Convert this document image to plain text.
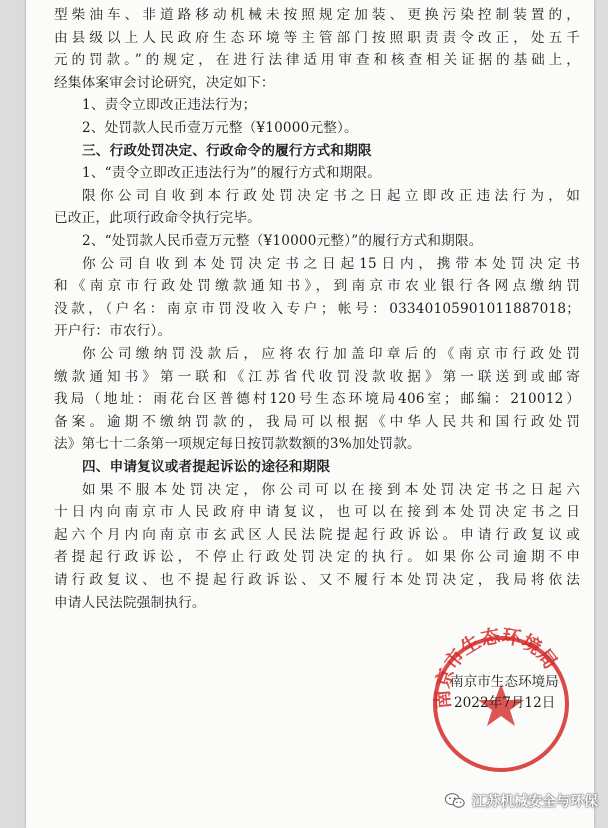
型柴油车、非道路移动机械未按照规定加装、更换污染控制装置的，
由县级以上人民政府生态环境等主管部门按照职责责令改正，处五千
元的罚款。”的规定，在进行法律适用审查和核查相关证据的基础上，
经集体案审会讨论研究，决定如下：
1、责令立即改正违法行为；
2、处罚款人民币壹万元整（¥10000元整）。
三、行政处罚决定、行政命令的履行方式和期限
1、“责令立即改正违法行为”的履行方式和期限。
限你公司自收到本行政处罚决定书之日起立即改正违法行为，如
已改正，此项行政命令执行完毕。
2、“处罚款人民币壹万元整（¥10000元整）”的履行方式和期限。
你公司自收到本处罚决定书之日起15日内，携带本处罚决定书
和《南京市行政处罚缴款通知书》，到南京市农业银行各网点缴纳罚
没款，（户名：南京市罚没收入专户；帐号：03340105901011887018；
开户行：市农行）。
你公司缴纳罚没款后，应将农行加盖印章后的《南京市行政处罚
缴款通知书》第一联和《江苏省代收罚没款收据》第一联送到或邮寄
我局（地址：雨花台区普德村120号生态环境局406室；邮编：210012）
备案。逾期不缴纳罚款的，我局可以根据《中华人民共和国行政处罚
法》第七十二条第一项规定每日按罚款数额的3%加处罚款。
四、申请复议或者提起诉讼的途径和期限
如果不服本处罚决定，你公司可以在接到本处罚决定书之日起六
十日内向南京市人民政府申请复议，也可以在接到本处罚决定书之日
起六个月内向南京市玄武区人民法院提起行政诉讼。申请行政复议或
者提起行政诉讼，不停止行政处罚决定的执行。如果你公司逾期不申
请行政复议、也不提起行政诉讼、又不履行本处罚决定，我局将依法
申请人民法院强制执行。
南京市生态环境局
南京市生态环境局
2022年7月12日
江苏机械安全与环保
